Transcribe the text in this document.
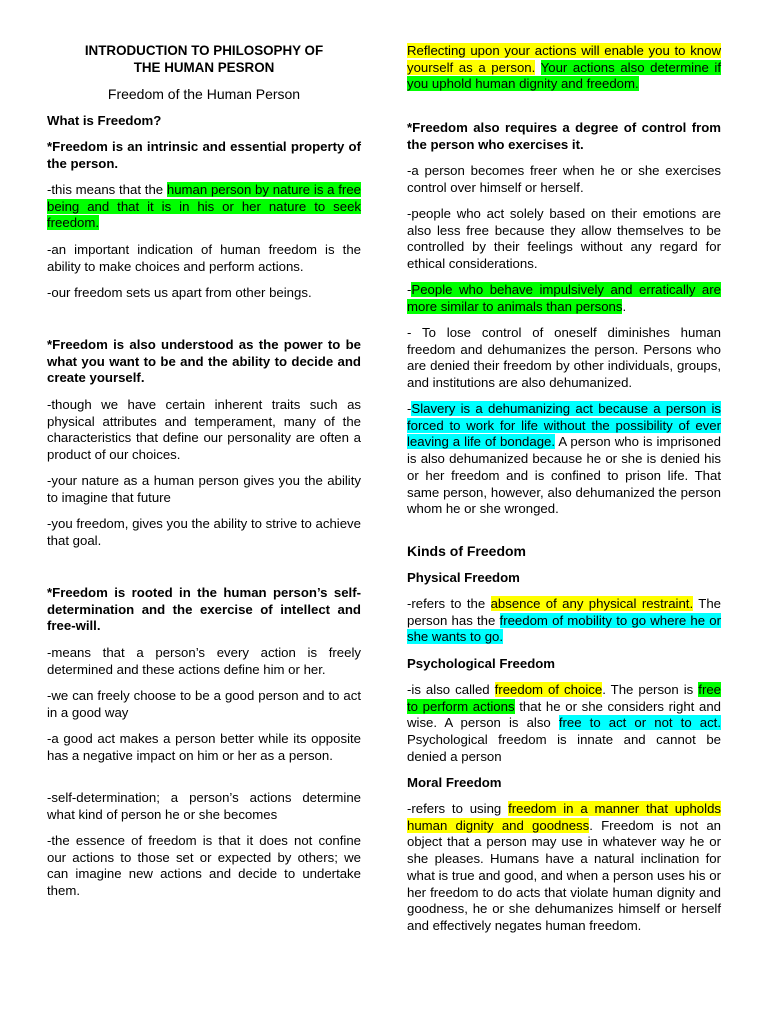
INTRODUCTION TO PHILOSOPHY OF
THE HUMAN PESRON

Freedom of the Human Person

What is Freedom?

*Freedom is an intrinsic and essential property of the person.

-this means that the human person by nature is a free being and that it is in his or her nature to seek freedom.

-an important indication of human freedom is the ability to make choices and perform actions.

-our freedom sets us apart from other beings.

*Freedom is also understood as the power to be what you want to be and the ability to decide and create yourself.

-though we have certain inherent traits such as physical attributes and temperament, many of the characteristics that define our personality are often a product of our choices.

-your nature as a human person gives you the ability to imagine that future

-you freedom, gives you the ability to strive to achieve that goal.

*Freedom is rooted in the human person’s self-determination and the exercise of intellect and free-will.

-means that a person’s every action is freely determined and these actions define him or her.

-we can freely choose to be a good person and to act in a good way

-a good act makes a person better while its opposite has a negative impact on him or her as a person.

-self-determination; a person’s actions determine what kind of person he or she becomes

-the essence of freedom is that it does not confine our actions to those set or expected by others; we can imagine new actions and decide to undertake them.

Reflecting upon your actions will enable you to know yourself as a person. Your actions also determine if you uphold human dignity and freedom.

*Freedom also requires a degree of control from the person who exercises it.

-a person becomes freer when he or she exercises control over himself or herself.

-people who act solely based on their emotions are also less free because they allow themselves to be controlled by their feelings without any regard for ethical considerations.

-People who behave impulsively and erratically are more similar to animals than persons.

- To lose control of oneself diminishes human freedom and dehumanizes the person. Persons who are denied their freedom by other individuals, groups, and institutions are also dehumanized.

-Slavery is a dehumanizing act because a person is forced to work for life without the possibility of ever leaving a life of bondage. A person who is imprisoned is also dehumanized because he or she is denied his or her freedom and is confined to prison life. That same person, however, also dehumanized the person whom he or she wronged.

Kinds of Freedom

Physical Freedom

-refers to the absence of any physical restraint. The person has the freedom of mobility to go where he or she wants to go.

Psychological Freedom

-is also called freedom of choice. The person is free to perform actions that he or she considers right and wise. A person is also free to act or not to act. Psychological freedom is innate and cannot be denied a person

Moral Freedom

-refers to using freedom in a manner that upholds human dignity and goodness. Freedom is not an object that a person may use in whatever way he or she pleases. Humans have a natural inclination for what is true and good, and when a person uses his or her freedom to do acts that violate human dignity and goodness, he or she dehumanizes himself or herself and effectively negates human freedom.
